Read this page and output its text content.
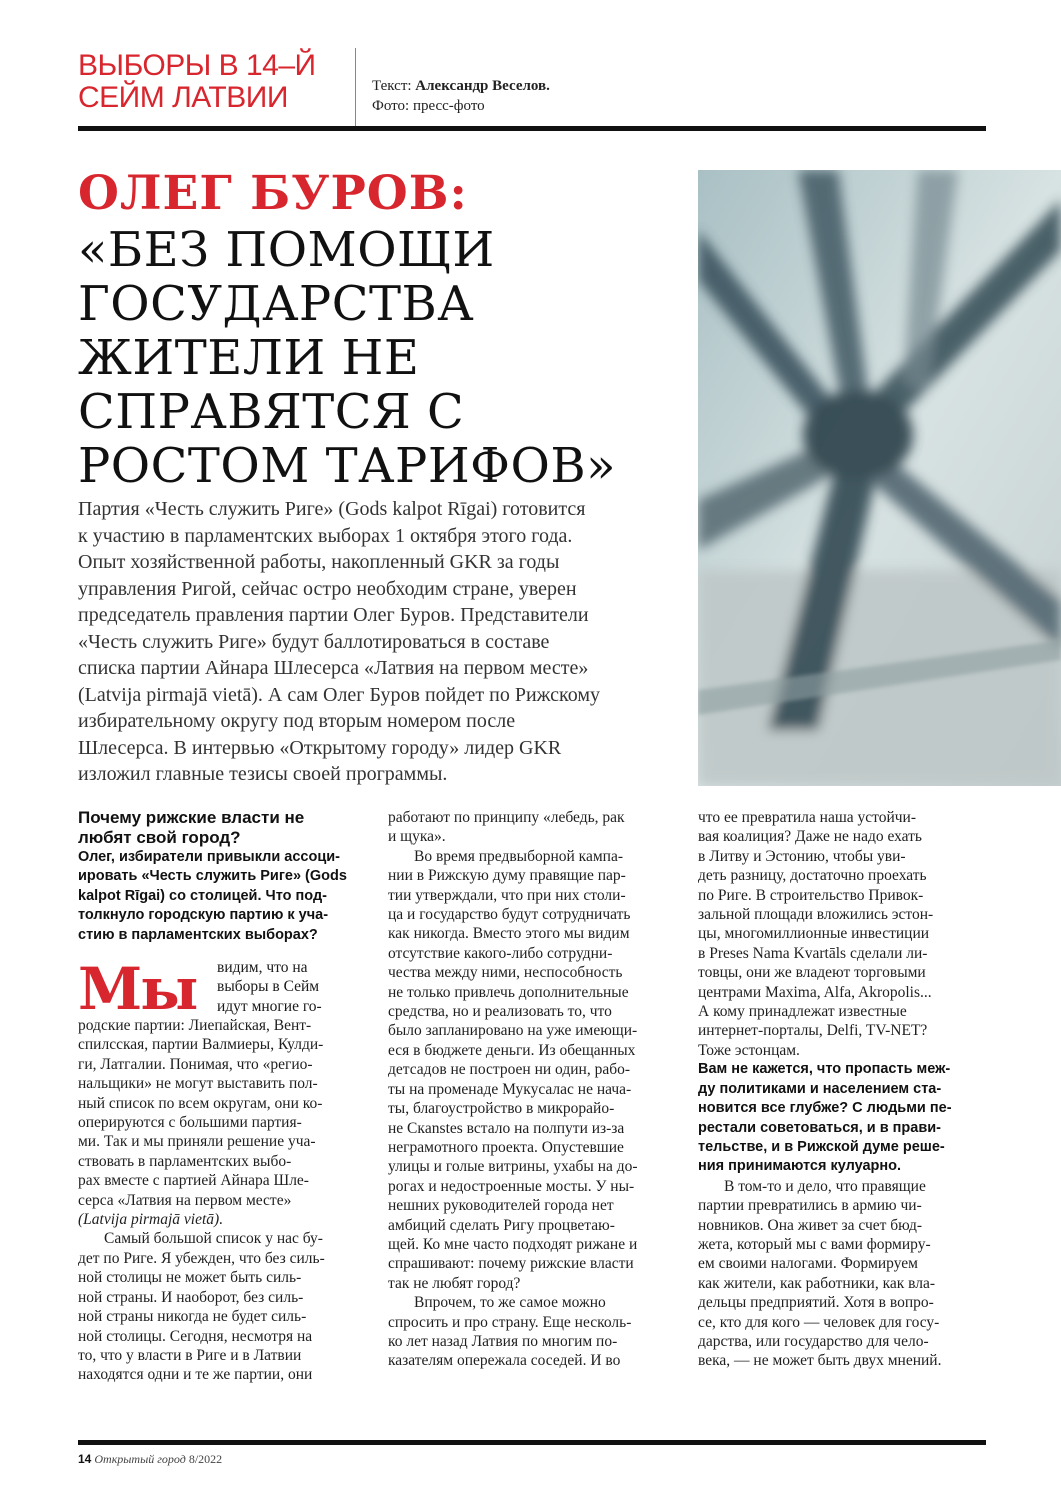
ВЫБОРЫ В 14–Й
СЕЙМ ЛАТВИИ	Текст: Александр Веселов.
Фото: пресс-фото
ОЛЕГ БУРОВ:
«БЕЗ ПОМОЩИ
ГОСУДАРСТВА
ЖИТЕЛИ НЕ
СПРАВЯТСЯ С
РОСТОМ ТАРИФОВ»
Партия «Честь служить Риге» (Gods kalpot Rīgai) готовится
к участию в парламентских выборах 1 октября этого года.
Опыт хозяйственной работы, накопленный GKR за годы
управления Ригой, сейчас остро необходим стране, уверен
председатель правления партии Олег Буров. Представители
«Честь служить Риге» будут баллотироваться в составе
списка партии Айнара Шлесерса «Латвия на первом месте»
(Latvija pirmajā vietā). А сам Олег Буров пойдет по Рижскому
избирательному округу под вторым номером после
Шлесерса. В интервью «Открытому городу» лидер GKR
изложил главные тезисы своей программы.
Почему рижские власти не
любят свой город?
Олег, избиратели привыкли ассоци-
ировать «Честь служить Риге» (Gods
kalpot Rīgai) со столицей. Что под-
толкнуло городскую партию к уча-
стию в парламентских выборах?
Мы видим, что на
выборы в Сейм
идут многие го-
родские партии: Лиепайская, Вент-
спилсская, партии Валмиеры, Кулди-
ги, Латгалии. Понимая, что «регио-
нальщики» не могут выставить пол-
ный список по всем округам, они ко-
оперируются с большими партия-
ми. Так и мы приняли решение уча-
ствовать в парламентских выбо-
рах вместе с партией Айнара Шле-
серса «Латвия на первом месте»
(Latvija pirmajā vietā).
Самый большой список у нас бу-
дет по Риге. Я убежден, что без силь-
ной столицы не может быть силь-
ной страны. И наоборот, без силь-
ной страны никогда не будет силь-
ной столицы. Сегодня, несмотря на
то, что у власти в Риге и в Латвии
находятся одни и те же партии, они
работают по принципу «лебедь, рак
и щука».
Во время предвыборной кампа-
нии в Рижскую думу правящие пар-
тии утверждали, что при них столи-
ца и государство будут сотрудничать
как никогда. Вместо этого мы видим
отсутствие какого-либо сотрудни-
чества между ними, неспособность
не только привлечь дополнительные
средства, но и реализовать то, что
было запланировано на уже имеющи-
еся в бюджете деньги. Из обещанных
детсадов не построен ни один, рабо-
ты на променаде Мукусалас не нача-
ты, благоустройство в микрорайо-
не Скanstes встало на полпути из-за
неграмотного проекта. Опустевшие
улицы и голые витрины, ухабы на до-
рогах и недостроенные мосты. У ны-
нешних руководителей города нет
амбиций сделать Ригу процветаю-
щей. Ко мне часто подходят рижане и
спрашивают: почему рижские власти
так не любят город?
Впрочем, то же самое можно
спросить и про страну. Еще несколь-
ко лет назад Латвия по многим по-
казателям опережала соседей. И во
что ее превратила наша устойчи-
вая коалиция? Даже не надо ехать
в Литву и Эстонию, чтобы уви-
деть разницу, достаточно проехать
по Риге. В строительство Привок-
зальной площади вложились эстон-
цы, многомиллионные инвестиции
в Preses Nama Kvartāls сделали ли-
товцы, они же владеют торговыми
центрами Maxima, Alfa, Akropolis...
А кому принадлежат известные
интернет-порталы, Delfi, TV-NET?
Тоже эстонцам.
Вам не кажется, что пропасть меж-
ду политиками и населением ста-
новится все глубже? С людьми пе-
рестали советоваться, и в прави-
тельстве, и в Рижской думе реше-
ния принимаются кулуарно.
В том-то и дело, что правящие
партии превратились в армию чи-
новников. Она живет за счет бюд-
жета, который мы с вами формиру-
ем своими налогами. Формируем
как жители, как работники, как вла-
дельцы предприятий. Хотя в вопро-
се, кто для кого — человек для госу-
дарства, или государство для чело-
века, — не может быть двух мнений.
14 Открытый город 8/2022
